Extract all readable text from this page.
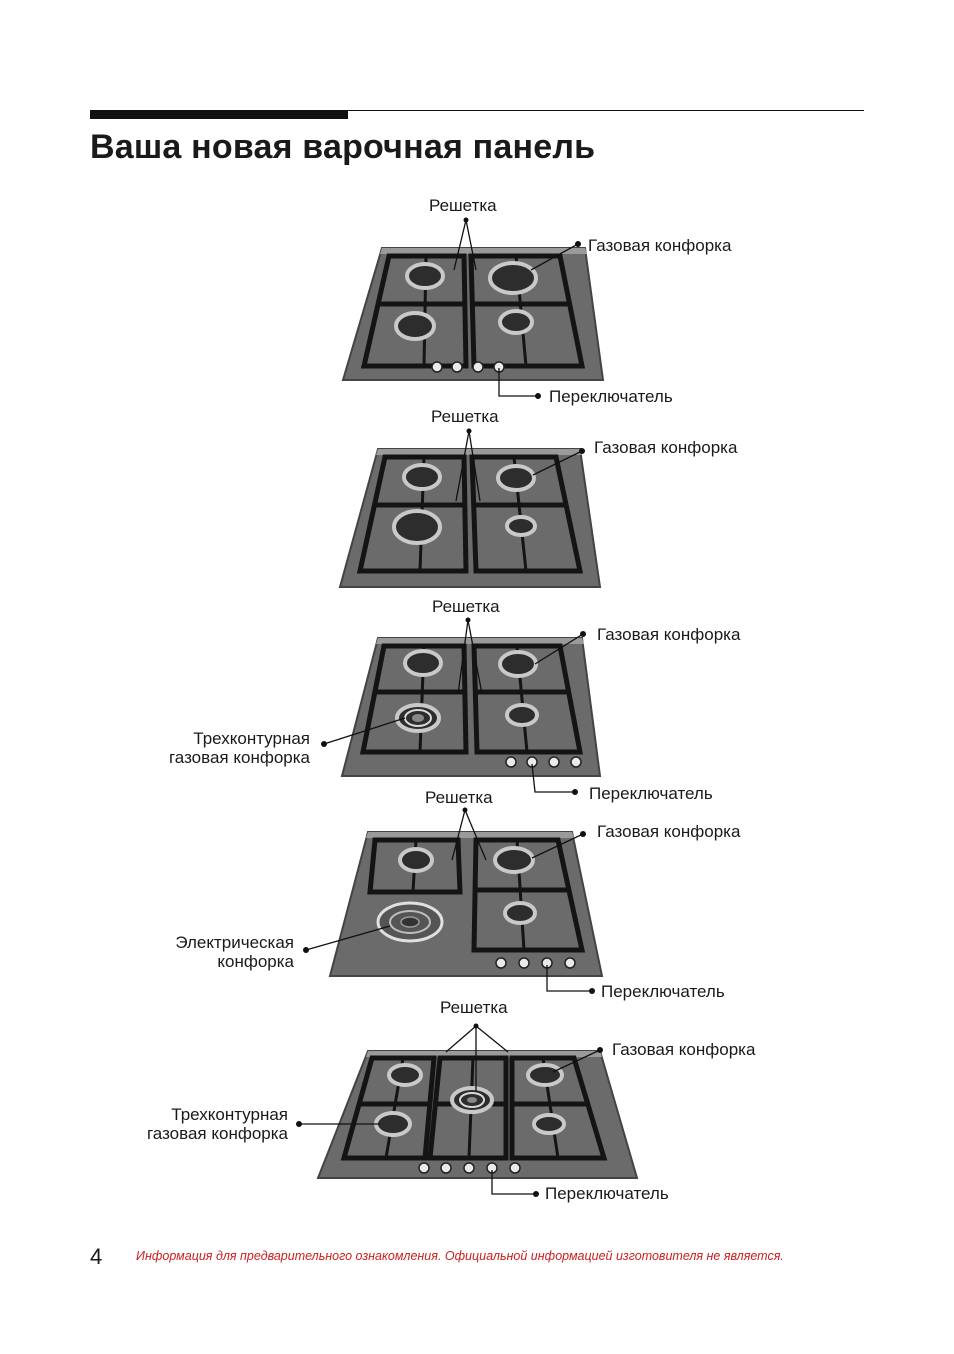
Ваша новая варочная панель
Решетка
Газовая конфорка
Переключатель
Решетка
Газовая конфорка
Решетка
Газовая конфорка
Трехконтурная
газовая конфорка
Переключатель
Решетка
Газовая конфорка
Электрическая
конфорка
Переключатель
Решетка
Газовая конфорка
Трехконтурная
газовая конфорка
Переключатель
4	Информация для предварительного ознакомления. Официальной информацией изготовителя не является.
